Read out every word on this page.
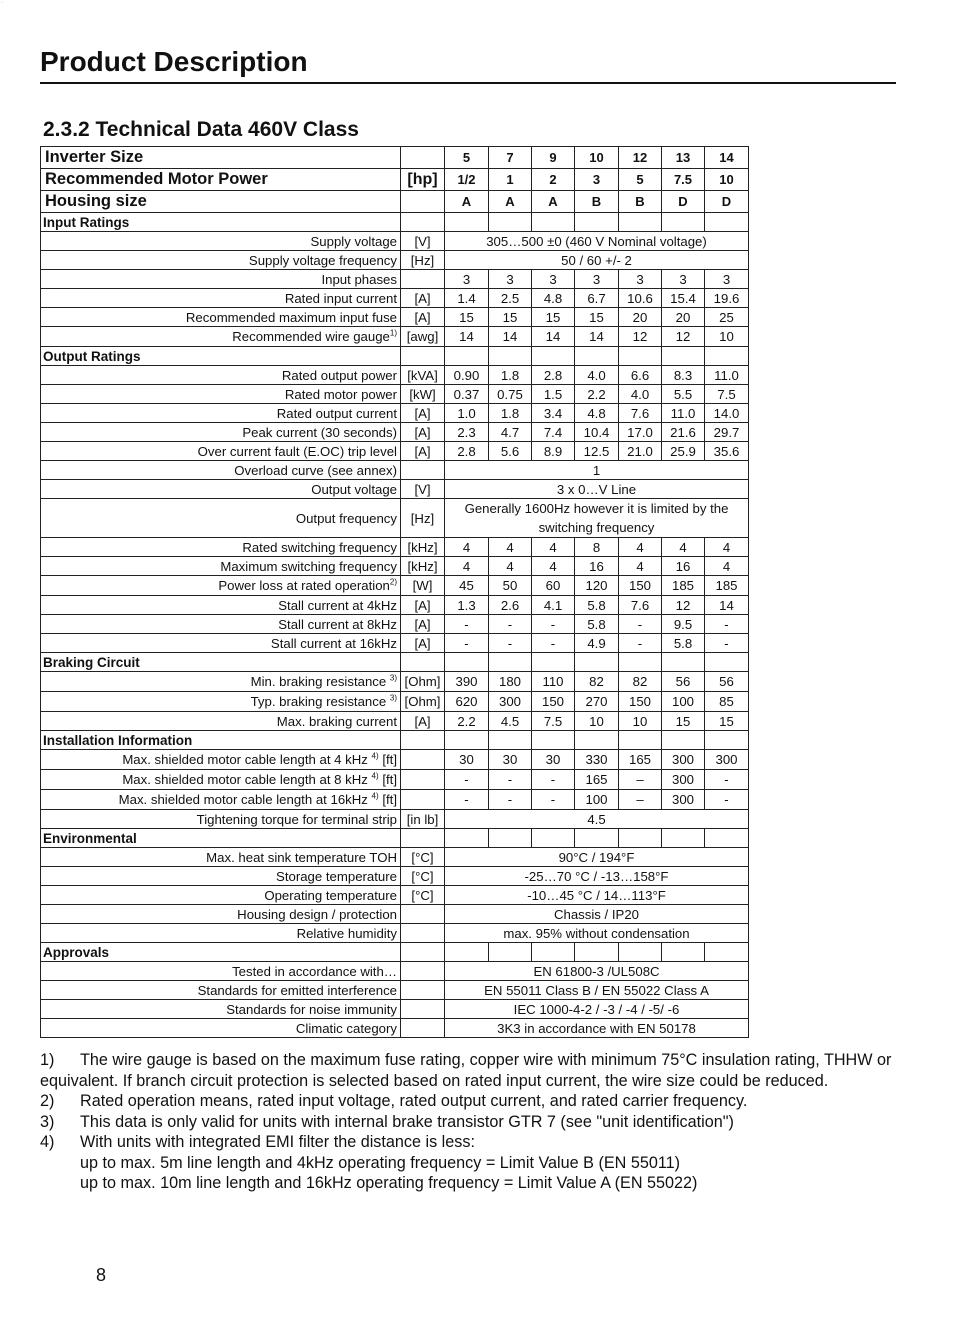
·
Product Description
2.3.2 Technical Data 460V Class
Inverter Size		5	7	9	10	12	13	14
Recommended Motor Power	[hp]	1/2	1	2	3	5	7.5	10
Housing size		A	A	A	B	B	D	D
Input Ratings								
Supply voltage	[V]	305…500 ±0 (460 V Nominal voltage)						
Supply voltage frequency	[Hz]	50 / 60 +/- 2						
Input phases		3	3	3	3	3	3	3
Rated input current	[A]	1.4	2.5	4.8	6.7	10.6	15.4	19.6
Recommended maximum input fuse	[A]	15	15	15	15	20	20	25
Recommended wire gauge$^{1)}$	[awg]	14	14	14	14	12	12	10
Output Ratings								
Rated output power	[kVA]	0.90	1.8	2.8	4.0	6.6	8.3	11.0
Rated motor power	[kW]	0.37	0.75	1.5	2.2	4.0	5.5	7.5
Rated output current	[A]	1.0	1.8	3.4	4.8	7.6	11.0	14.0
Peak current (30 seconds)	[A]	2.3	4.7	7.4	10.4	17.0	21.6	29.7
Over current fault (E.OC) trip level	[A]	2.8	5.6	8.9	12.5	21.0	25.9	35.6
Overload curve (see annex)		1						
Output voltage	[V]	3 x 0…V Line						
Output frequency	[Hz]	Generally 1600Hz however it is limited by the switching frequency						
Rated switching frequency	[kHz]	4	4	4	8	4	4	4
Maximum switching frequency	[kHz]	4	4	4	16	4	16	4
Power loss at rated operation$^{2)}$	[W]	45	50	60	120	150	185	185
Stall current at 4kHz	[A]	1.3	2.6	4.1	5.8	7.6	12	14
Stall current at 8kHz	[A]	-	-	-	5.8	-	9.5	-
Stall current at 16kHz	[A]	-	-	-	4.9	-	5.8	-
Braking Circuit								
Min. braking resistance $^{3)}$	[Ohm]	390	180	110	82	82	56	56
Typ. braking resistance $^{3)}$	[Ohm]	620	300	150	270	150	100	85
Max. braking current	[A]	2.2	4.5	7.5	10	10	15	15
Installation Information								
Max. shielded motor cable length at 4 kHz $^{4)}$ [ft]		30	30	30	330	165	300	300
Max. shielded motor cable length at 8 kHz $^{4)}$ [ft]		-	-	-	165	–	300	-
Max. shielded motor cable length at 16kHz $^{4)}$ [ft]		-	-	-	100	–	300	-
Tightening torque for terminal strip	[in lb]	4.5						
Environmental								
Max. heat sink temperature TOH	[°C]	90°C / 194°F						
Storage temperature	[°C]	-25…70 °C / -13…158°F						
Operating temperature	[°C]	-10…45 °C / 14…113°F						
Housing design / protection		Chassis / IP20						
Relative humidity		max. 95% without condensation						
Approvals								
Tested in accordance with…		EN 61800-3 /UL508C						
Standards for emitted interference		EN 55011 Class B / EN 55022 Class A						
Standards for noise immunity		IEC 1000-4-2 / -3 / -4 / -5/ -6						
Climatic category		3K3 in accordance with EN 50178						
1) The wire gauge is based on the maximum fuse rating, copper wire with minimum 75°C insulation rating, THHW or equivalent. If branch circuit protection is selected based on rated input current, the wire size could be reduced.
2)	Rated operation means, rated input voltage, rated output current, and rated carrier frequency.
3)	This data is only valid for units with internal brake transistor GTR 7 (see "unit identification")
4)	With units with integrated EMI filter the distance is less:
up to max. 5m line length and 4kHz operating frequency = Limit Value B (EN 55011)
up to max. 10m line length and 16kHz operating frequency = Limit Value A (EN 55022)
8
